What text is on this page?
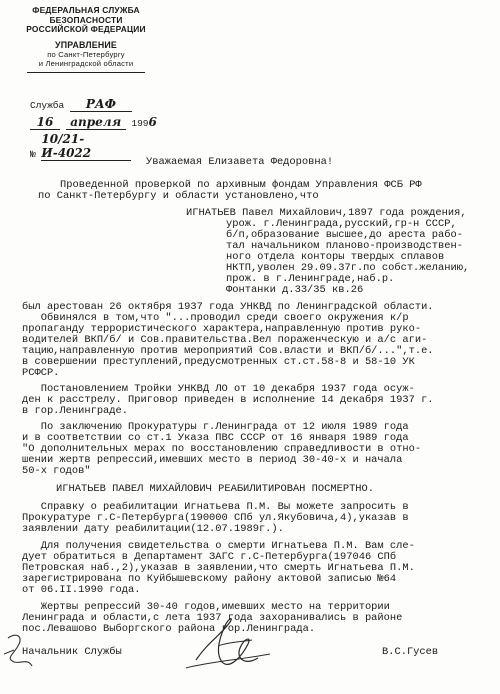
ФЕДЕРАЛЬНАЯ СЛУЖБА
БЕЗОПАСНОСТИ
РОССИЙСКОЙ ФЕДЕРАЦИИ
УПРАВЛЕНИЕ
по Санкт-Петербургу
и Ленинградской области
Служба РАФ
16 апреля 1996
№ 10/21-И-4022
Уважаемая Елизавета Федоровна!
Проведенной проверкой по архивным фондам Управления ФСБ РФ
по Санкт-Петербургу и области установлено,что
ИГНАТЬЕВ Павел Михайлович,1897 года рождения,
урож. г.Ленинграда,русский,гр-н СССР,
б/п,образование высшее,до ареста рабо-
тал начальником планово-производствен-
ного отдела конторы твердых сплавов
НКТП,уволен 29.09.37г.по собст.желанию,
прож. в г.Ленинграде,наб.р.
Фонтанки д.33/35 кв.26
был арестован 26 октября 1937 года УНКВД по Ленинградской области.
Обвинялся в том,что "...проводил среди своего окружения к/р
пропаганду террористического характера,направленную против руко-
водителей ВКП/б/ и Сов.правительства.Вел пораженческую и а/с аги-
тацию,направленную против мероприятий Сов.власти и ВКП/б/...",т.е.
в совершении преступлений,предусмотренных ст.ст.58-8 и 58-10 УК
РСФСР.
Постановлением Тройки УНКВД ЛО от 10 декабря 1937 года осуж-
ден к расстрелу. Приговор приведен в исполнение 14 декабря 1937 г.
в гор.Ленинграде.
По заключению Прокуратуры г.Ленинграда от 12 июля 1989 года
и в соответствии со ст.1 Указа ПВС СССР от 16 января 1989 года
"О дополнительных мерах по восстановлению справедливости в отно-
шении жертв репрессий,имевших место в период 30-40-х и начала
50-х годов"
ИГНАТЬЕВ ПАВЕЛ МИХАЙЛОВИЧ РЕАБИЛИТИРОВАН ПОСМЕРТНО.
Справку о реабилитации Игнатьева П.М. Вы можете запросить в
Прокуратуре г.С-Петербурга(190000 СПб ул.Якубовича,4),указав в
заявлении дату реабилитации(12.07.1989г.).
Для получения свидетельства о смерти Игнатьева П.М. Вам сле-
дует обратиться в Департамент ЗАГС г.С-Петербурга(197046 СПб
Петровская наб.,2),указав в заявлении,что смерть Игнатьева П.М.
зарегистрирована по Куйбышевскому району актовой записью №64
от 06.II.1990 года.
Жертвы репрессий 30-40 годов,имевших место на территории
Ленинграда и области,с лета 1937 года захоранивались в районе
пос.Левашово Выборгского района гор.Ленинграда.
Начальник Службы	В.С.Гусев
